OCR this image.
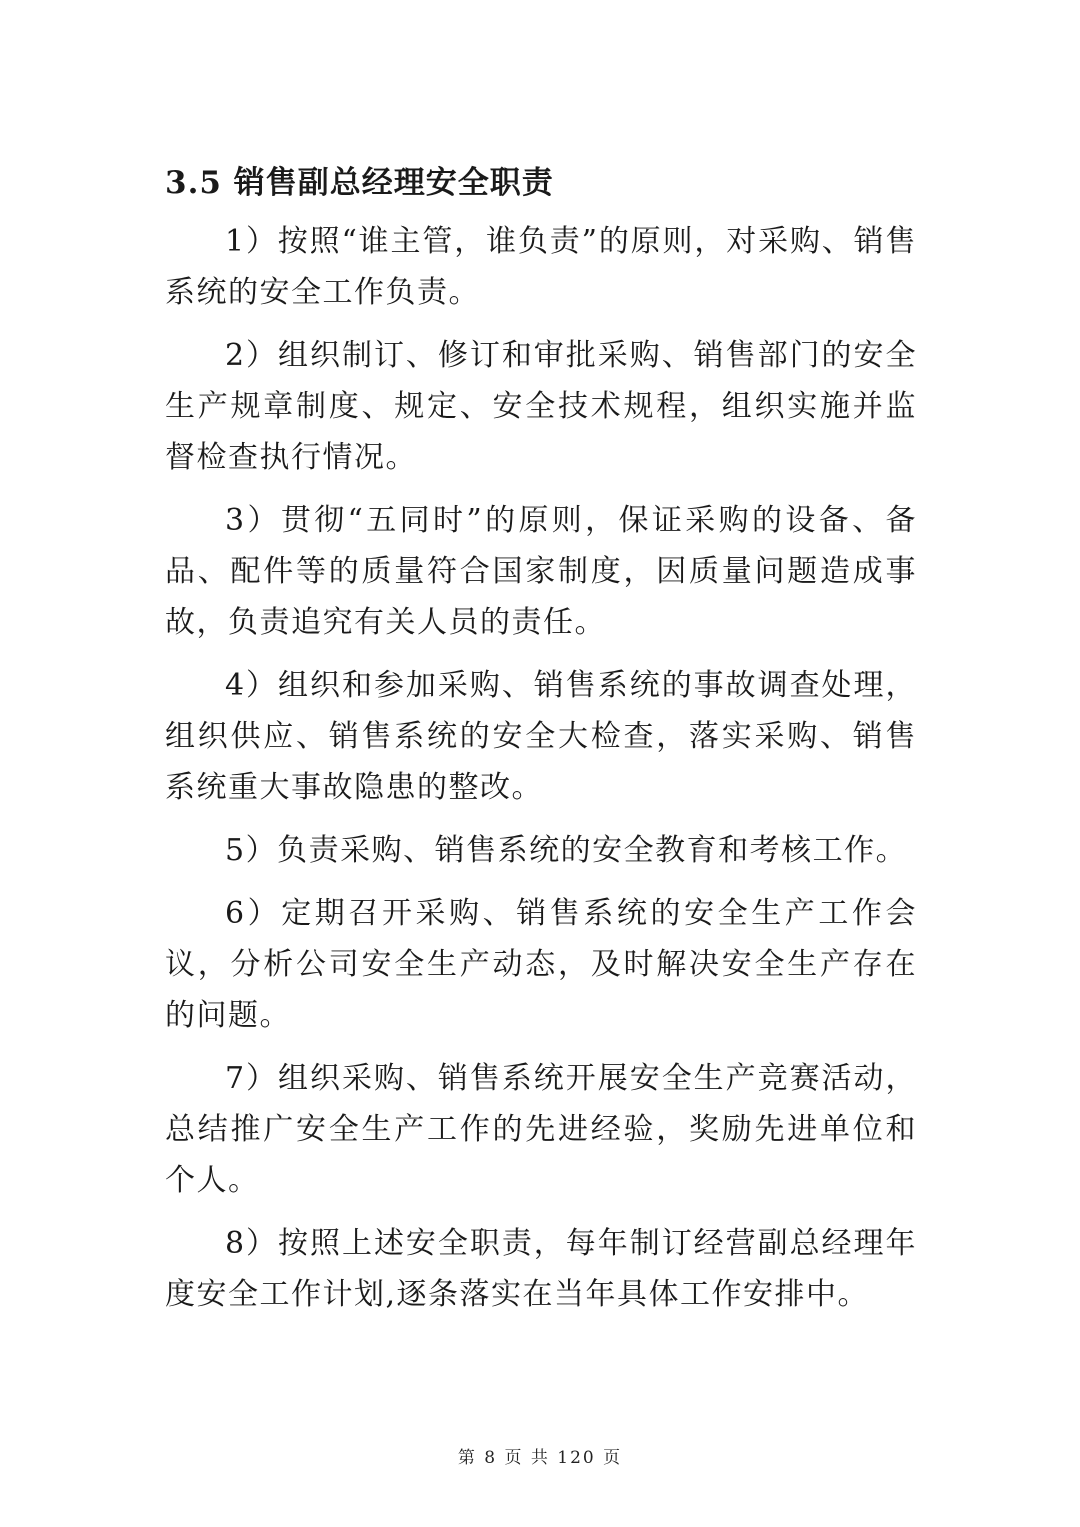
3.5 销售副总经理安全职责

1）按照“谁主管，谁负责”的原则，对采购、销售系统的安全工作负责。

2）组织制订、修订和审批采购、销售部门的安全生产规章制度、规定、安全技术规程，组织实施并监督检查执行情况。

3）贯彻“五同时”的原则，保证采购的设备、备品、配件等的质量符合国家制度，因质量问题造成事故，负责追究有关人员的责任。

4）组织和参加采购、销售系统的事故调查处理，组织供应、销售系统的安全大检查，落实采购、销售系统重大事故隐患的整改。

5）负责采购、销售系统的安全教育和考核工作。

6）定期召开采购、销售系统的安全生产工作会议，分析公司安全生产动态，及时解决安全生产存在的问题。

7）组织采购、销售系统开展安全生产竞赛活动，总结推广安全生产工作的先进经验，奖励先进单位和个人。

8）按照上述安全职责，每年制订经营副总经理年度安全工作计划,逐条落实在当年具体工作安排中。

第 8 页 共 120 页
